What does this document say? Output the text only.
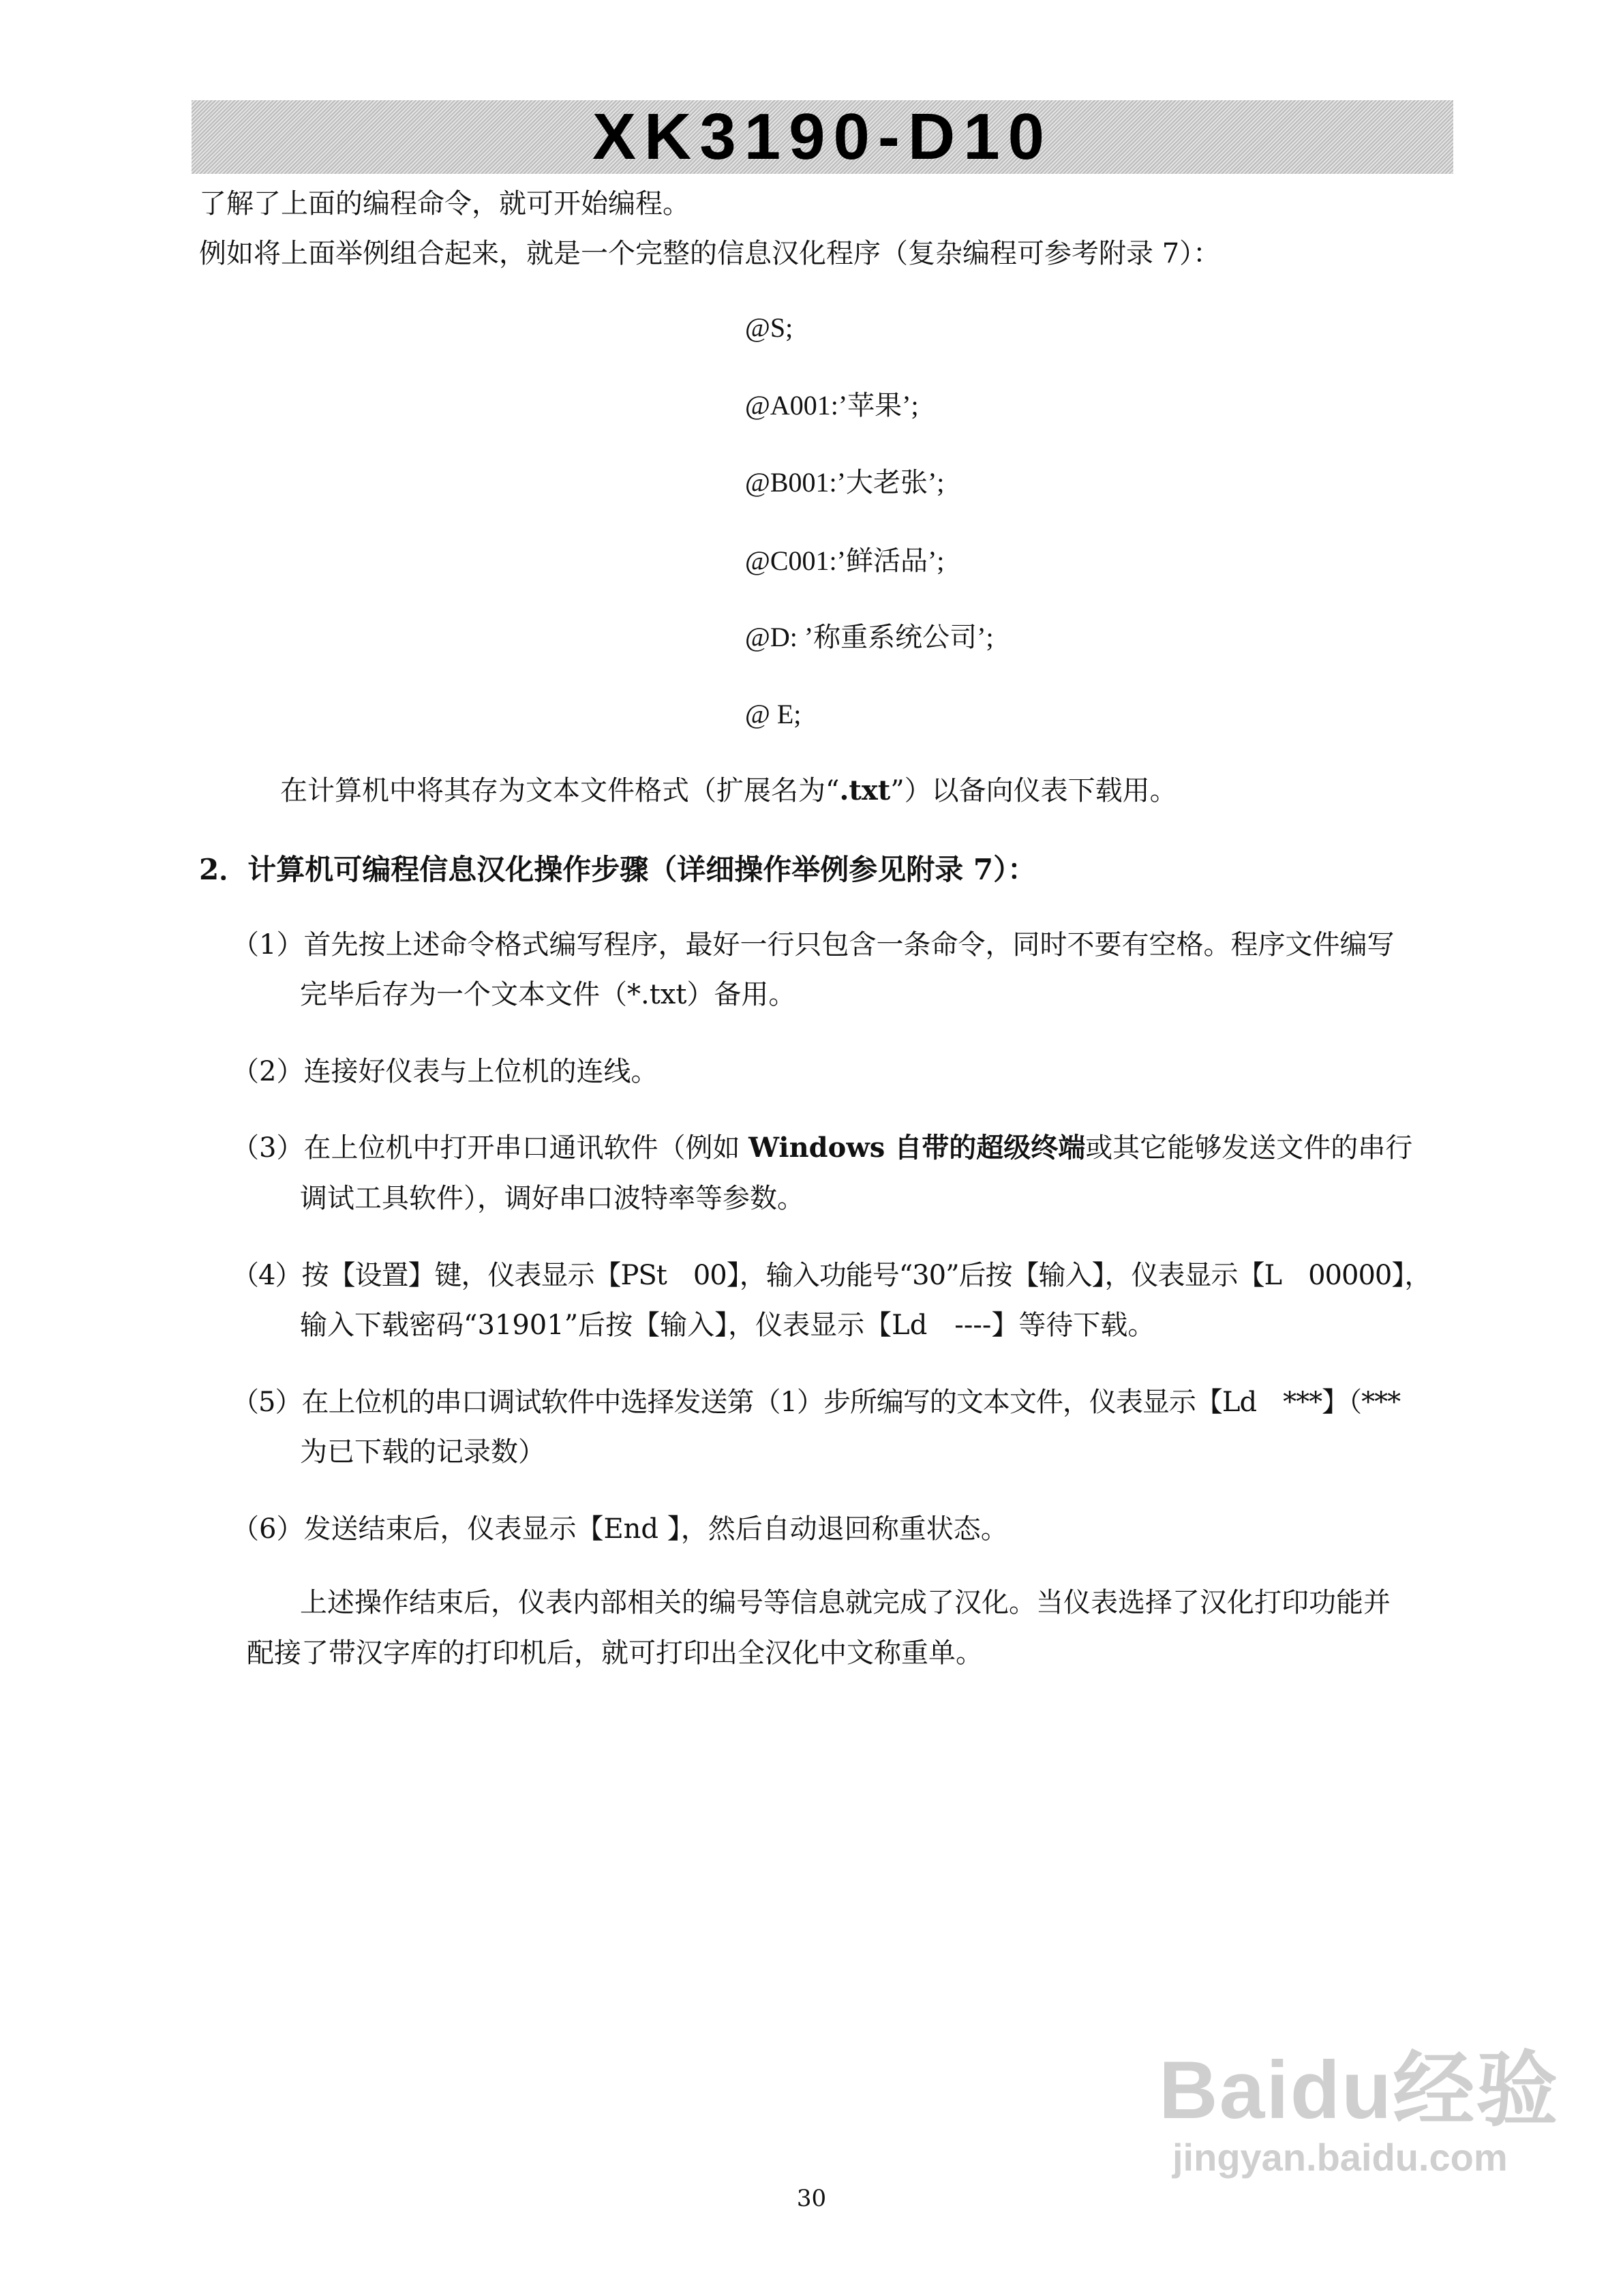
XK3190-D10
了解了上面的编程命令，就可开始编程。
例如将上面举例组合起来，就是一个完整的信息汉化程序（复杂编程可参考附录 7）：
@S;
@A001:’苹果’;
@B001:’大老张’;
@C001:’鲜活品’;
@D: ’称重系统公司’;
@ E;
在计算机中将其存为文本文件格式（扩展名为“.txt”）以备向仪表下载用。
2．计算机可编程信息汉化操作步骤（详细操作举例参见附录 7）：
（1）首先按上述命令格式编写程序，最好一行只包含一条命令，同时不要有空格。程序文件编写
完毕后存为一个文本文件（*.txt）备用。
（2）连接好仪表与上位机的连线。
（3）在上位机中打开串口通讯软件（例如 Windows 自带的超级终端或其它能够发送文件的串行
调试工具软件），调好串口波特率等参数。
（4）按【设置】键，仪表显示【PSt　00】，输入功能号“30”后按【输入】，仪表显示【L　00000】，
输入下载密码“31901”后按【输入】，仪表显示【Ld　----】等待下载。
（5）在上位机的串口调试软件中选择发送第（1）步所编写的文本文件，仪表显示【Ld　***】（***
为已下载的记录数）
（6）发送结束后，仪表显示【End 】，然后自动退回称重状态。
上述操作结束后，仪表内部相关的编号等信息就完成了汉化。当仪表选择了汉化打印功能并
配接了带汉字库的打印机后，就可打印出全汉化中文称重单。
30
Baidu经验
jingyan.baidu.com
